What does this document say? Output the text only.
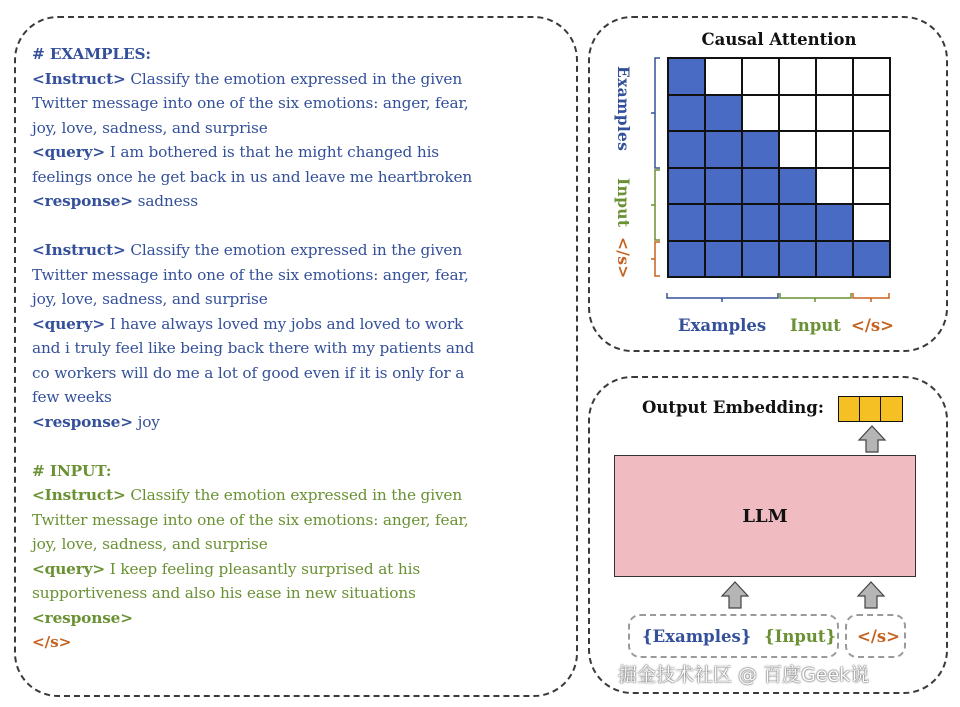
# EXAMPLES:
<Instruct> Classify the emotion expressed in the given
Twitter message into one of the six emotions: anger, fear,
joy, love, sadness, and surprise
<query> I am bothered is that he might changed his
feelings once he get back in us and leave me heartbroken
<response> sadness
<Instruct> Classify the emotion expressed in the given
Twitter message into one of the six emotions: anger, fear,
joy, love, sadness, and surprise
<query> I have always loved my jobs and loved to work
and i truly feel like being back there with my patients and
co workers will do me a lot of good even if it is only for a
few weeks
<response> joy
# INPUT:
<Instruct> Classify the emotion expressed in the given
Twitter message into one of the six emotions: anger, fear,
joy, love, sadness, and surprise
<query> I keep feeling pleasantly surprised at his
supportiveness and also his ease in new situations
<response>
</s>
Causal Attention
Examples
Input
</s>
Examples Input </s>
Output Embedding:
LLM
{Examples} {Input} </s>
掘金技术社区 @ 百度Geek说
